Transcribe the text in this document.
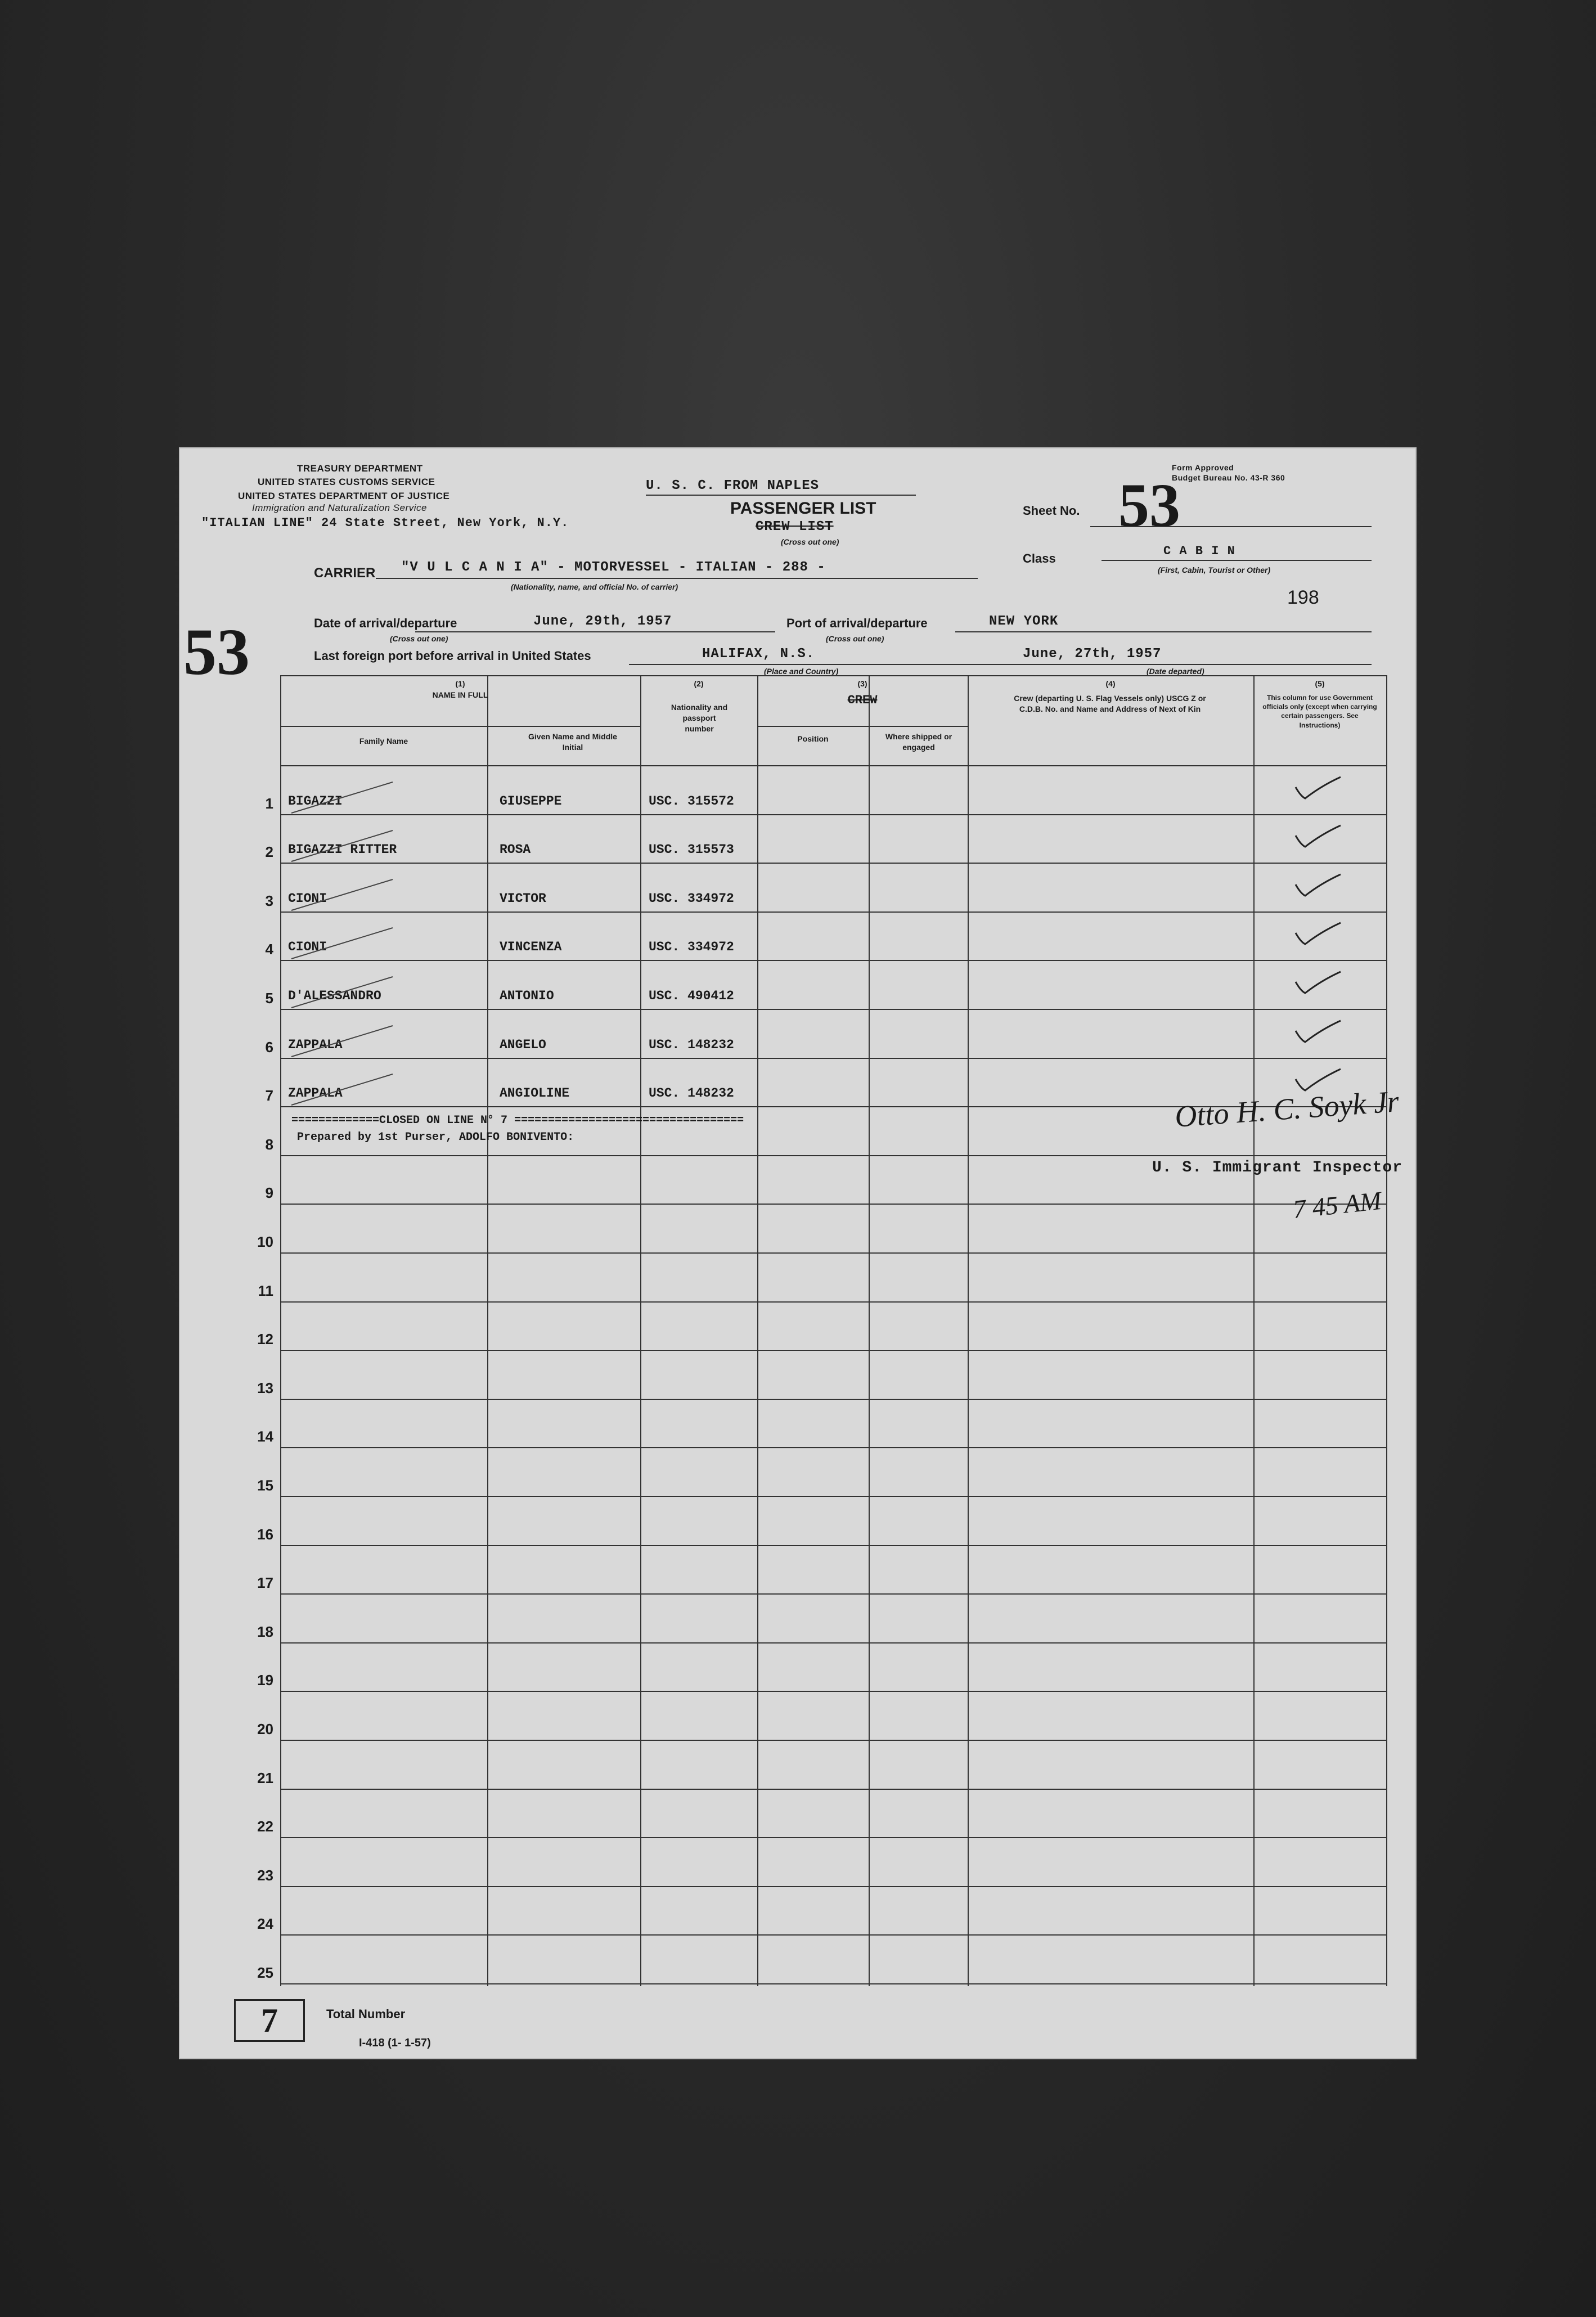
TREASURY DEPARTMENT
UNITED STATES CUSTOMS SERVICE
UNITED STATES DEPARTMENT OF JUSTICE
Immigration and Naturalization Service
"ITALIAN LINE" 24 State Street, New York, N.Y.
U. S. C. FROM NAPLES
PASSENGER LIST
CREW LIST
(Cross out one)
Form Approved
Budget Bureau No. 43-R 360
Sheet No. 53
Class
C A B I N
(First, Cabin, Tourist or Other)
198
CARRIER "V U L C A N I A" - MOTORVESSEL - ITALIAN - 288 -
(Nationality, name, and official No. of carrier)
53	Date of arrival/departure	June, 29th, 1957
(Cross out one)
Port of arrival/departure	NEW YORK
(Cross out one)
Last foreign port before arrival in United States	HALIFAX, N.S.	June, 27th, 1957
(Place and Country)	(Date departed)
(1)
NAME IN FULL
Family Name	Given Name and Middle Initial
(2)
Nationality and passport number
(3)
CREW
Position	Where shipped or engaged
(4)
Crew (departing U. S. Flag Vessels only) USCG Z or C.D.B. No. and Name and Address of Next of Kin
(5)
This column for use Government officials only (except when carrying certain passengers. See Instructions)
1 BIGAZZI	GIUSEPPE	USC. 315572
2 BIGAZZI RITTER	ROSA	USC. 315573
3 CIONI	VICTOR	USC. 334972
4 CIONI	VINCENZA	USC. 334972
5 D'ALESSANDRO	ANTONIO	USC. 490412
6 ZAPPALA	ANGELO	USC. 148232
7 ZAPPALA	ANGIOLINE	USC. 148232
8
9
10
11
12
13
14
15
16
17
18
19
20
21
22
23
24
25
=============CLOSED ON LINE N° 7 ==================================
Prepared by 1st Purser, ADOLFO BONIVENTO:
Otto H. C. Soyk Jr
U. S. Immigrant Inspector
7 45 AM
7	Total Number
I-418 (1- 1-57)
